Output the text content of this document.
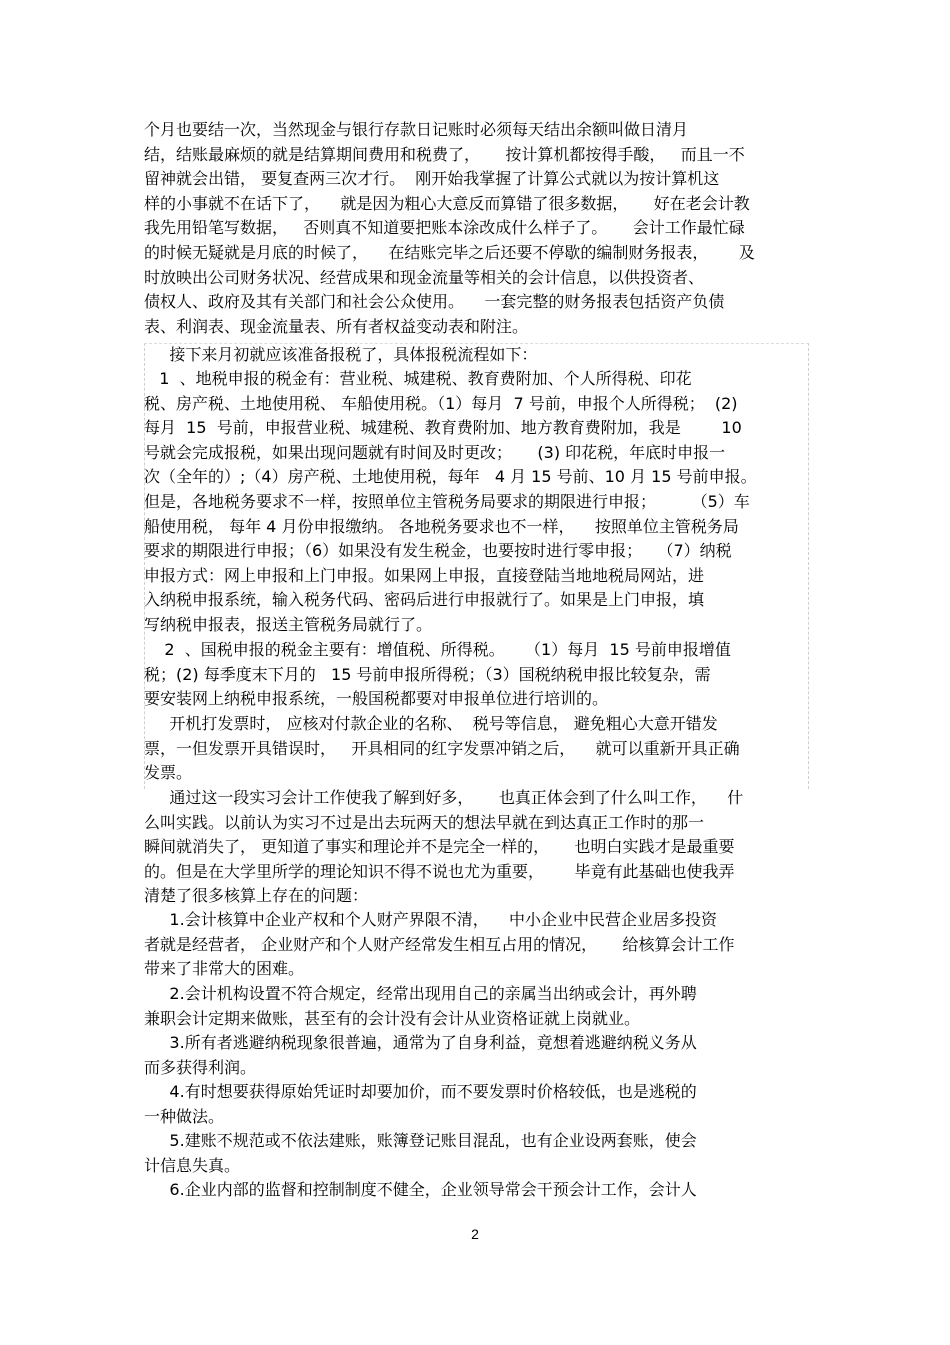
个月也要结一次，当然现金与银行存款日记账时必须每天结出余额叫做日清月
结，结账最麻烦的就是结算期间费用和税费了，     按计算机都按得手酸，   而且一不
留神就会出错， 要复查两三次才行。  刚开始我掌握了计算公式就以为按计算机这
样的小事就不在话下了，    就是因为粗心大意反而算错了很多数据，     好在老会计教
我先用铅笔写数据，   否则真不知道要把账本涂改成什么样子了。     会计工作最忙碌
的时候无疑就是月底的时候了，    在结账完毕之后还要不停歇的编制财务报表，      及
时放映出公司财务状况、经营成果和现金流量等相关的会计信息，以供投资者、
债权人、政府及其有关部门和社会公众使用。    一套完整的财务报表包括资产负债
表、利润表、现金流量表、所有者权益变动表和附注。
接下来月初就应该准备报税了，具体报税流程如下：
1  、地税申报的税金有：营业税、城建税、教育费附加、个人所得税、印花
税、房产税、土地使用税、 车船使用税。（1）每月  7 号前，申报个人所得税；  (2)
每月  15  号前，申报营业税、城建税、教育费附加、地方教育费附加，我是        10
号就会完成报税，如果出现问题就有时间及时更改；     (3) 印花税，年底时申报一
次（全年的）;（4）房产税、土地使用税，每年   4 月 15 号前、10 月 15 号前申报。
但是，各地税务要求不一样，按照单位主管税务局要求的期限进行申报；       （5）车
船使用税， 每年 4 月份申报缴纳。 各地税务要求也不一样，    按照单位主管税务局
要求的期限进行申报；（6）如果没有发生税金，也要按时进行零申报；   （7）纳税
申报方式：网上申报和上门申报。如果网上申报，直接登陆当地地税局网站，进
入纳税申报系统，输入税务代码、密码后进行申报就行了。如果是上门申报，填
写纳税申报表，报送主管税务局就行了。
2  、国税申报的税金主要有：增值税、所得税。    （1）每月  15 号前申报增值
税；(2) 每季度末下月的   15 号前申报所得税；（3）国税纳税申报比较复杂，需
要安装网上纳税申报系统，一般国税都要对申报单位进行培训的。
开机打发票时， 应核对付款企业的名称、  税号等信息， 避免粗心大意开错发
票，一但发票开具错误时，   开具相同的红字发票冲销之后，    就可以重新开具正确
发票。
通过这一段实习会计工作使我了解到好多，     也真正体会到了什么叫工作，    什
么叫实践。以前认为实习不过是出去玩两天的想法早就在到达真正工作时的那一
瞬间就消失了， 更知道了事实和理论并不是完全一样的，     也明白实践才是最重要
的。但是在大学里所学的理论知识不得不说也尤为重要，      毕竟有此基础也使我弄
清楚了很多核算上存在的问题：
1.会计核算中企业产权和个人财产界限不清，    中小企业中民营企业居多投资
者就是经营者， 企业财产和个人财产经常发生相互占用的情况，     给核算会计工作
带来了非常大的困难。
2.会计机构设置不符合规定，经常出现用自己的亲属当出纳或会计，再外聘
兼职会计定期来做账，甚至有的会计没有会计从业资格证就上岗就业。
3.所有者逃避纳税现象很普遍，通常为了自身利益，竟想着逃避纳税义务从
而多获得利润。
4.有时想要获得原始凭证时却要加价，而不要发票时价格较低，也是逃税的
一种做法。
5.建账不规范或不依法建账，账簿登记账目混乱，也有企业设两套账，使会
计信息失真。
6.企业内部的监督和控制制度不健全，企业领导常会干预会计工作，会计人
2
